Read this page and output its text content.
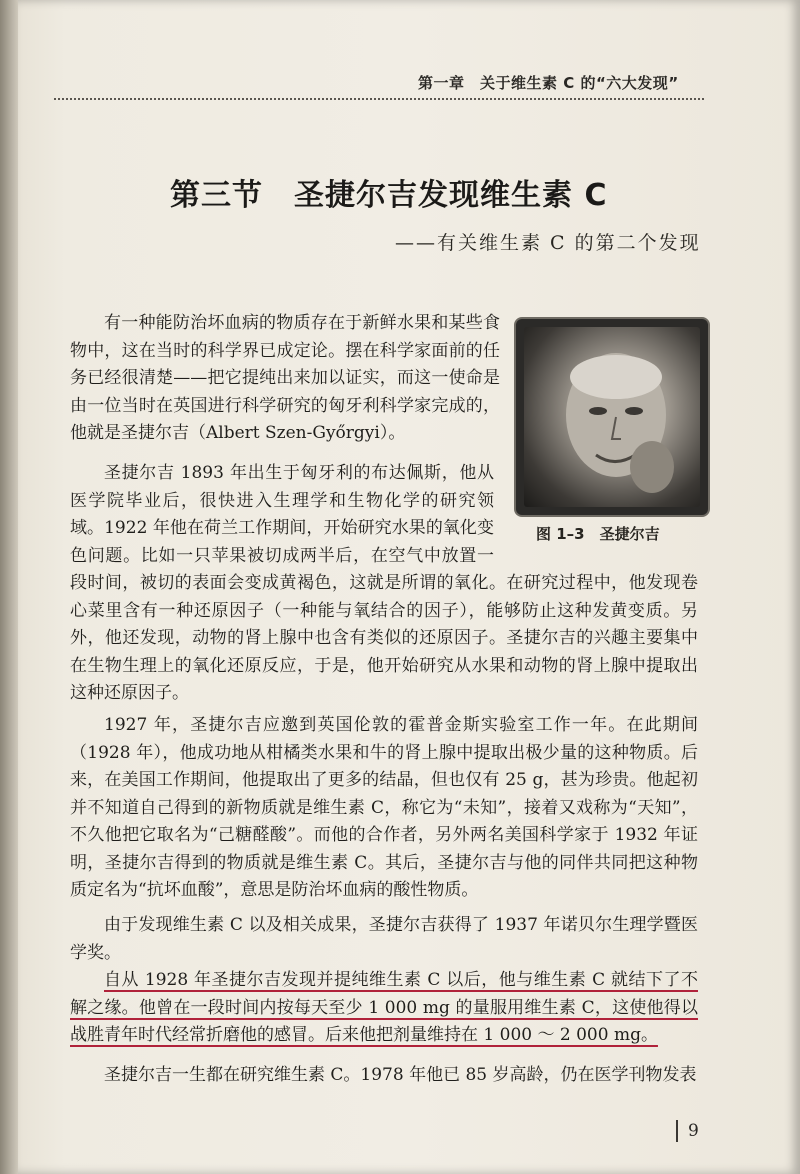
第一章　关于维生素 C 的“六大发现”
第三节　圣捷尔吉发现维生素 C
——有关维生素 C 的第二个发现
图 1–3　圣捷尔吉

有一种能防治坏血病的物质存在于新鲜水果和某些食物中，这在当时的科学界已成定论。摆在科学家面前的任务已经很清楚——把它提纯出来加以证实，而这一使命是由一位当时在英国进行科学研究的匈牙利科学家完成的，他就是圣捷尔吉（Albert Szen-Győrgyi）。

圣捷尔吉 1893 年出生于匈牙利的布达佩斯，他从医学院毕业后，很快进入生理学和生物化学的研究领域。1922 年他在荷兰工作期间，开始研究水果的氧化变色问题。比如一只苹果被切成两半后，在空气中放置一段时间，被切的表面会变成黄褐色，这就是所谓的氧化。在研究过程中，他发现卷心菜里含有一种还原因子（一种能与氧结合的因子），能够防止这种发黄变质。另外，他还发现，动物的肾上腺中也含有类似的还原因子。圣捷尔吉的兴趣主要集中在生物生理上的氧化还原反应，于是，他开始研究从水果和动物的肾上腺中提取出这种还原因子。

1927 年，圣捷尔吉应邀到英国伦敦的霍普金斯实验室工作一年。在此期间（1928 年），他成功地从柑橘类水果和牛的肾上腺中提取出极少量的这种物质。后来，在美国工作期间，他提取出了更多的结晶，但也仅有 25 g，甚为珍贵。他起初并不知道自己得到的新物质就是维生素 C，称它为“未知”，接着又戏称为“天知”，不久他把它取名为“己糖醛酸”。而他的合作者，另外两名美国科学家于 1932 年证明，圣捷尔吉得到的物质就是维生素 C。其后，圣捷尔吉与他的同伴共同把这种物质定名为“抗坏血酸”，意思是防治坏血病的酸性物质。

由于发现维生素 C 以及相关成果，圣捷尔吉获得了 1937 年诺贝尔生理学暨医学奖。

自从 1928 年圣捷尔吉发现并提纯维生素 C 以后，他与维生素 C 就结下了不解之缘。他曾在一段时间内按每天至少 1 000 mg 的量服用维生素 C，这使他得以战胜青年时代经常折磨他的感冒。后来他把剂量维持在 1 000 ～ 2 000 mg。

圣捷尔吉一生都在研究维生素 C。1978 年他已 85 岁高龄，仍在医学刊物发表

9
